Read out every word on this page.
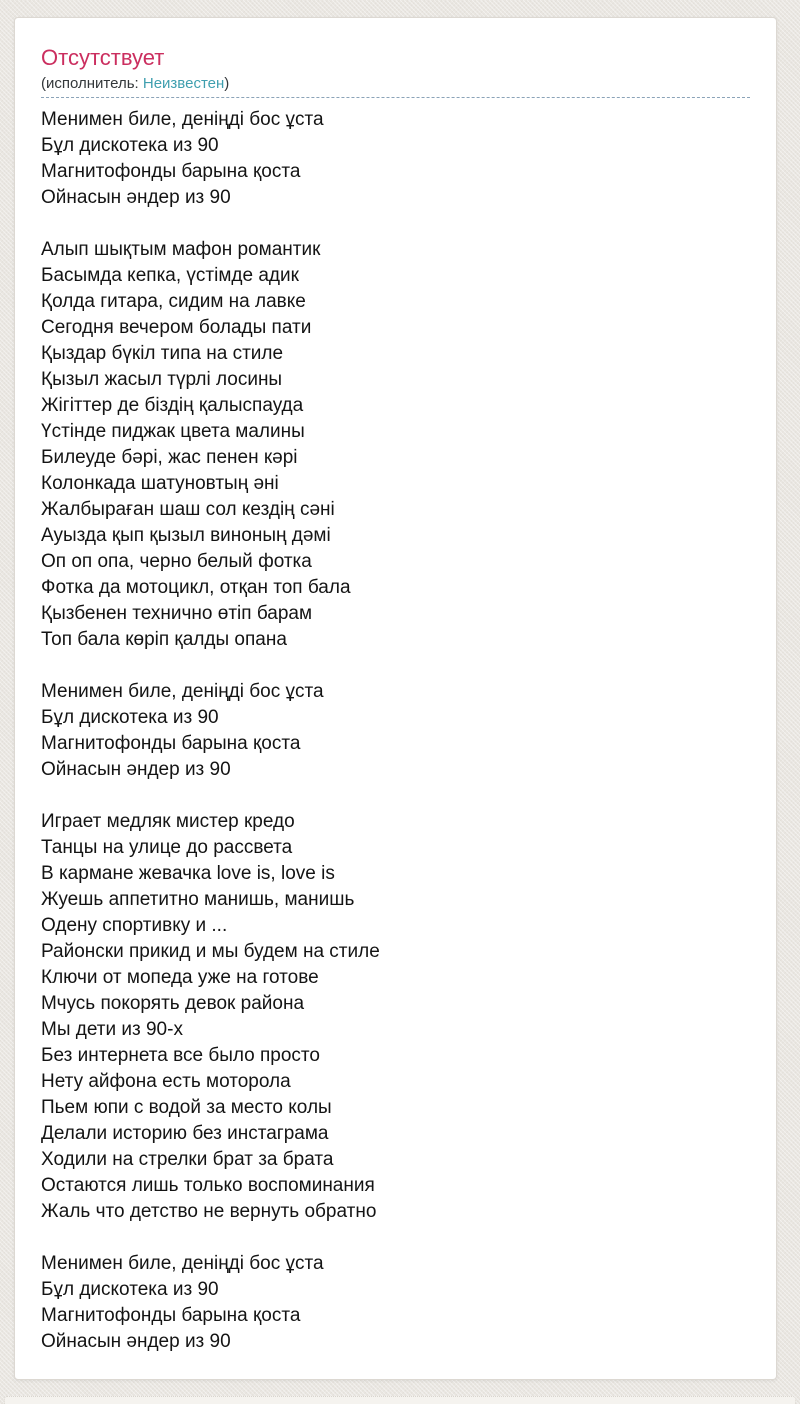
Отсутствует
(исполнитель: Неизвестен)
Менимен биле, деніңді бос ұста
Бұл дискотека из 90
Магнитофонды барына қоста
Ойнасын әндер из 90
Алып шықтым мафон романтик
Басымда кепка, үстімде адик
Қолда гитара, сидим на лавке
Сегодня вечером болады пати
Қыздар бүкіл типа на стиле
Қызыл жасыл түрлі лосины
Жігіттер де біздің қалыспауда
Үстінде пиджак цвета малины
Билеуде бәрі, жас пенен кәрі
Колонкада шатуновтың әні
Жалбыраған шаш сол кездің сәні
Ауызда қып қызыл виноның дәмі
Оп оп опа, черно белый фотка
Фотка да мотоцикл, отқан топ бала
Қызбенен технично өтіп барам
Топ бала көріп қалды опана
Менимен биле, деніңді бос ұста
Бұл дискотека из 90
Магнитофонды барына қоста
Ойнасын әндер из 90
Играет медляк мистер кредо
Танцы на улице до рассвета
В кармане жевачка love is, love is
Жуешь аппетитно манишь, манишь
Одену спортивку и ...
Районски прикид и мы будем на стиле
Ключи от мопеда уже на готове
Мчусь покорять девок района
Мы дети из 90-х
Без интернета все было просто
Нету айфона есть моторола
Пьем юпи с водой за место колы
Делали историю без инстаграма
Ходили на стрелки брат за брата
Остаются лишь только воспоминания
Жаль что детство не вернуть обратно
Менимен биле, деніңді бос ұста
Бұл дискотека из 90
Магнитофонды барына қоста
Ойнасын әндер из 90
